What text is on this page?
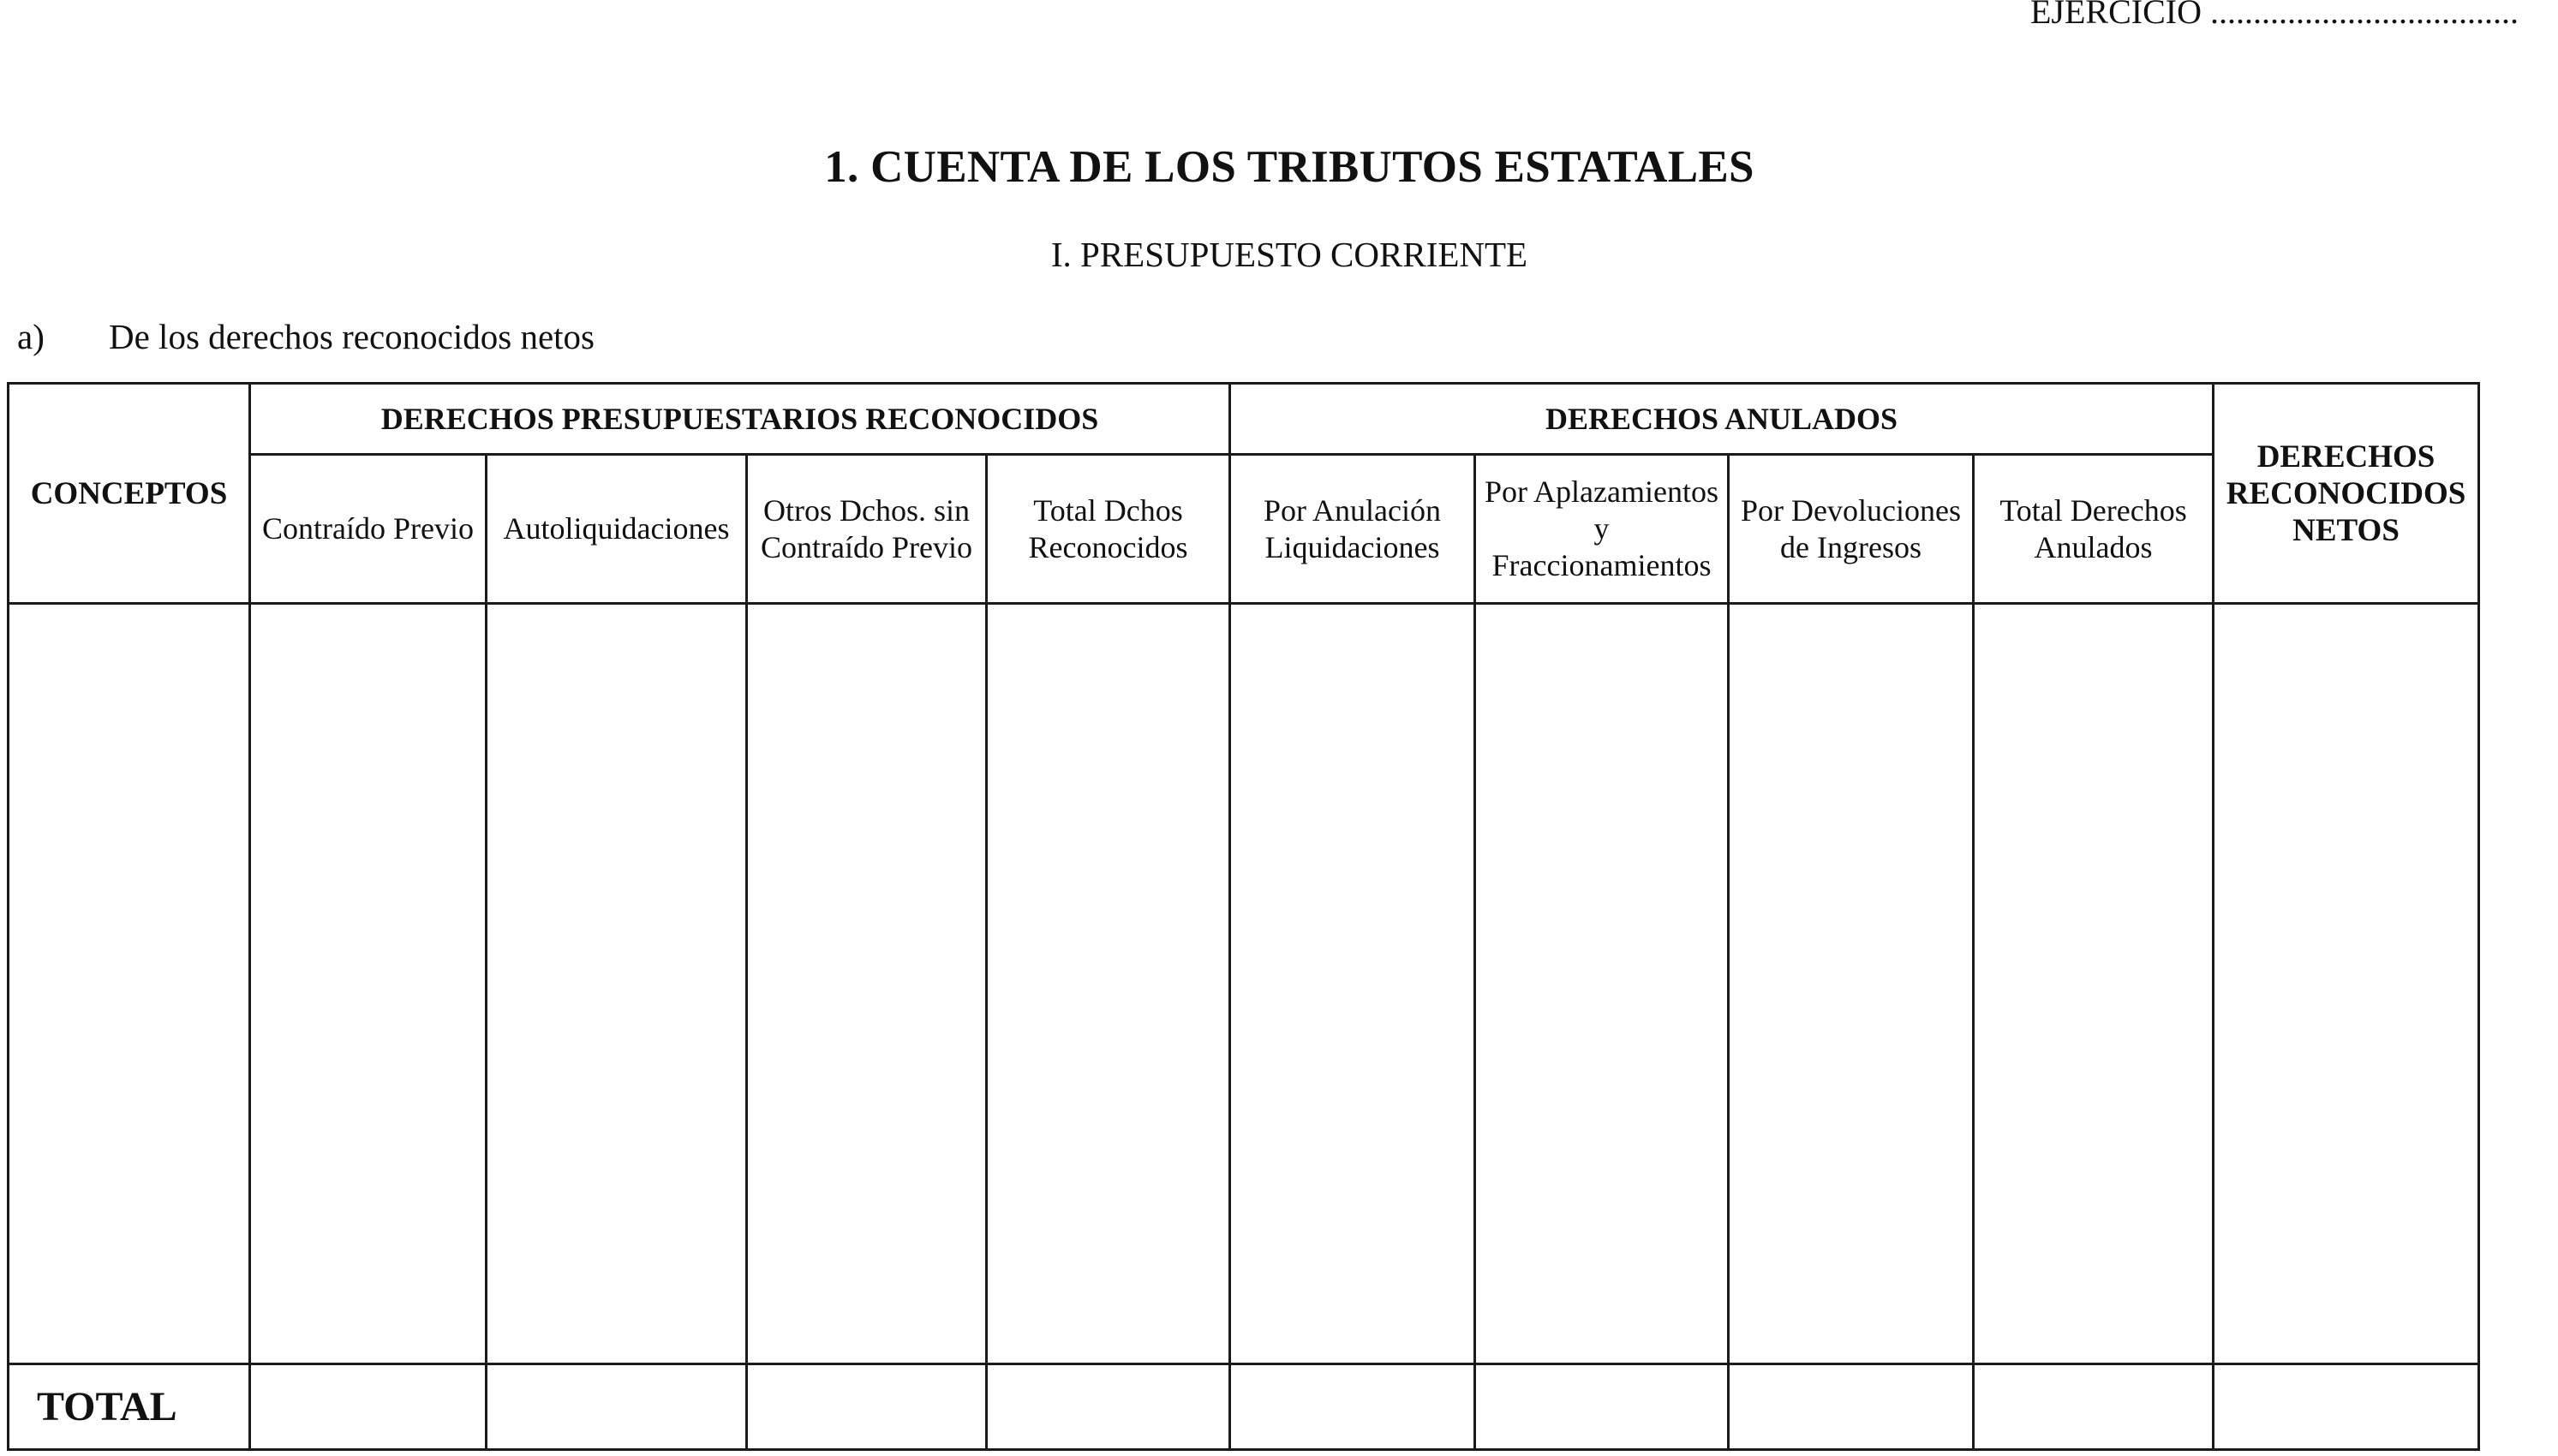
EJERCICIO ....................................
1. CUENTA DE LOS TRIBUTOS ESTATALES
I. PRESUPUESTO CORRIENTE
a) De los derechos reconocidos netos
CONCEPTOS	DERECHOS PRESUPUESTARIOS RECONOCIDOS				DERECHOS ANULADOS				DERECHOS RECONOCIDOS NETOS
	Contraído Previo	Autoliquidaciones	Otros Dchos. sin Contraído Previo	Total Dchos Reconocidos	Por Anulación Liquidaciones	Por Aplazamientos y Fraccionamientos	Por Devoluciones de Ingresos	Total Derechos Anulados	

TOTAL									
